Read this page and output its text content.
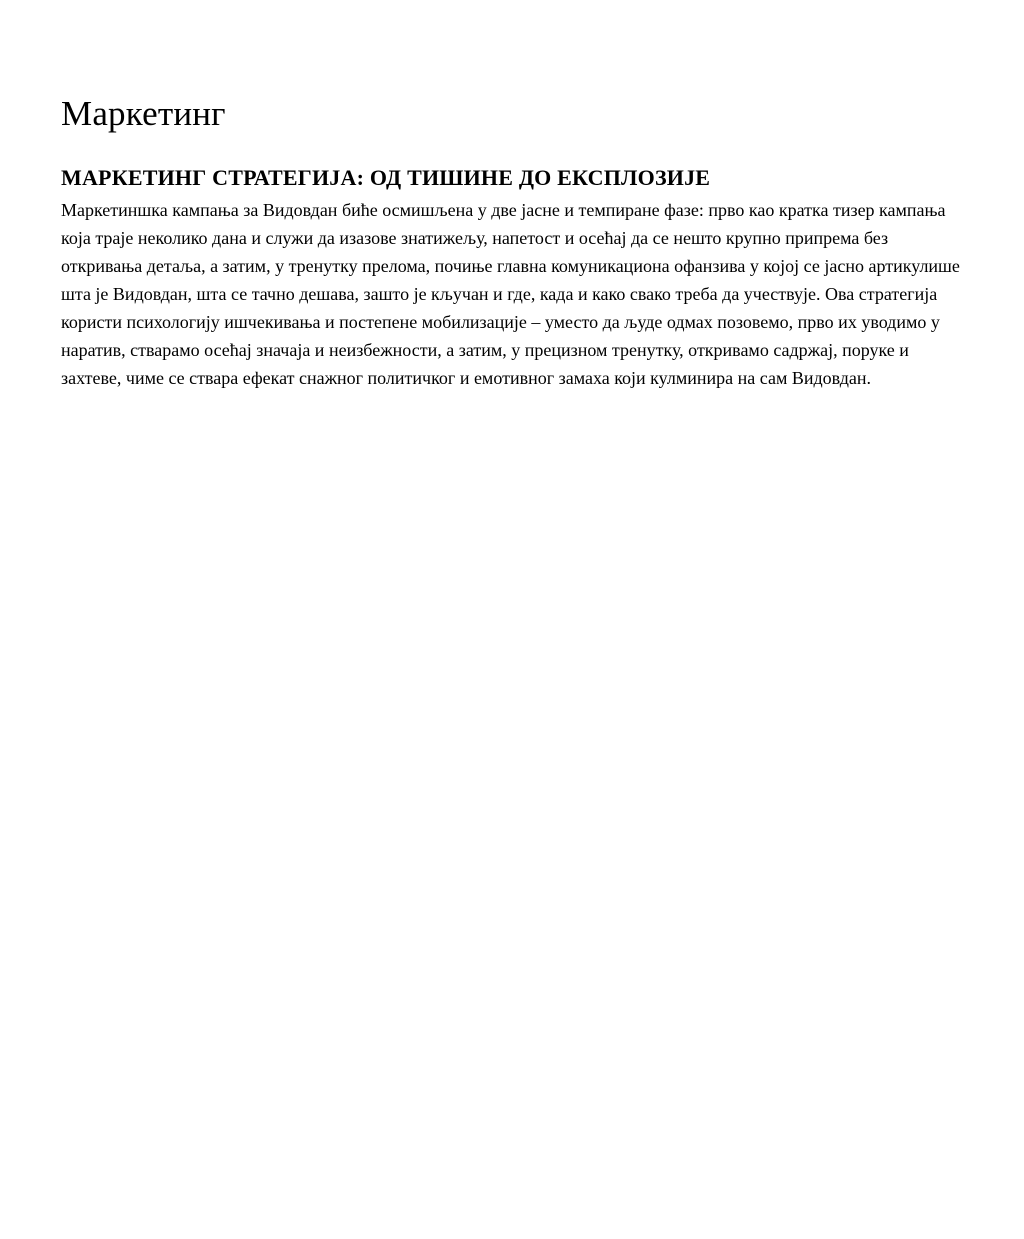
Маркетинг
МАРКЕТИНГ СТРАТЕГИЈА: ОД ТИШИНЕ ДО ЕКСПЛОЗИЈЕ

Маркетиншка кампања за Видовдан биће осмишљена у две јасне и темпиране фазе: прво као кратка тизер кампања која траје неколико дана и служи да изазове знатижељу, напетост и осећај да се нешто крупно припрема без откривања детаља, а затим, у тренутку прелома, почиње главна комуникациона офанзива у којој се јасно артикулише шта је Видовдан, шта се тачно дешава, зашто је кључан и где, када и како свако треба да учествује. Ова стратегија користи психологију ишчекивања и постепене мобилизације – уместо да људе одмах позовемо, прво их уводимо у наратив, стварамо осећај значаја и неизбежности, а затим, у прецизном тренутку, откривамо садржај, поруке и захтеве, чиме се ствара ефекат снажног политичког и емотивног замаха који кулминира на сам Видовдан.
